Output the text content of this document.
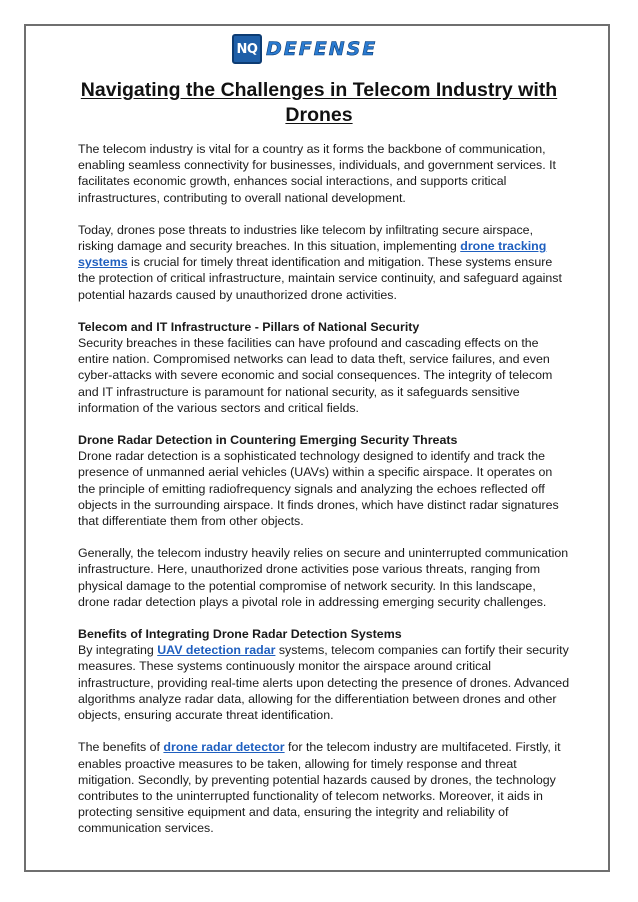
NQ DEFENSE
Navigating the Challenges in Telecom Industry with Drones

The telecom industry is vital for a country as it forms the backbone of communication, enabling seamless connectivity for businesses, individuals, and government services. It facilitates economic growth, enhances social interactions, and supports critical infrastructures, contributing to overall national development.

Today, drones pose threats to industries like telecom by infiltrating secure airspace, risking damage and security breaches. In this situation, implementing drone tracking systems is crucial for timely threat identification and mitigation. These systems ensure the protection of critical infrastructure, maintain service continuity, and safeguard against potential hazards caused by unauthorized drone activities.

Telecom and IT Infrastructure - Pillars of National Security
Security breaches in these facilities can have profound and cascading effects on the entire nation. Compromised networks can lead to data theft, service failures, and even cyber-attacks with severe economic and social consequences. The integrity of telecom and IT infrastructure is paramount for national security, as it safeguards sensitive information of the various sectors and critical fields.

Drone Radar Detection in Countering Emerging Security Threats
Drone radar detection is a sophisticated technology designed to identify and track the presence of unmanned aerial vehicles (UAVs) within a specific airspace. It operates on the principle of emitting radiofrequency signals and analyzing the echoes reflected off objects in the surrounding airspace. It finds drones, which have distinct radar signatures that differentiate them from other objects.

Generally, the telecom industry heavily relies on secure and uninterrupted communication infrastructure. Here, unauthorized drone activities pose various threats, ranging from physical damage to the potential compromise of network security. In this landscape, drone radar detection plays a pivotal role in addressing emerging security challenges.

Benefits of Integrating Drone Radar Detection Systems
By integrating UAV detection radar systems, telecom companies can fortify their security measures. These systems continuously monitor the airspace around critical infrastructure, providing real-time alerts upon detecting the presence of drones. Advanced algorithms analyze radar data, allowing for the differentiation between drones and other objects, ensuring accurate threat identification.

The benefits of drone radar detector for the telecom industry are multifaceted. Firstly, it enables proactive measures to be taken, allowing for timely response and threat mitigation. Secondly, by preventing potential hazards caused by drones, the technology contributes to the uninterrupted functionality of telecom networks. Moreover, it aids in protecting sensitive equipment and data, ensuring the integrity and reliability of communication services.
